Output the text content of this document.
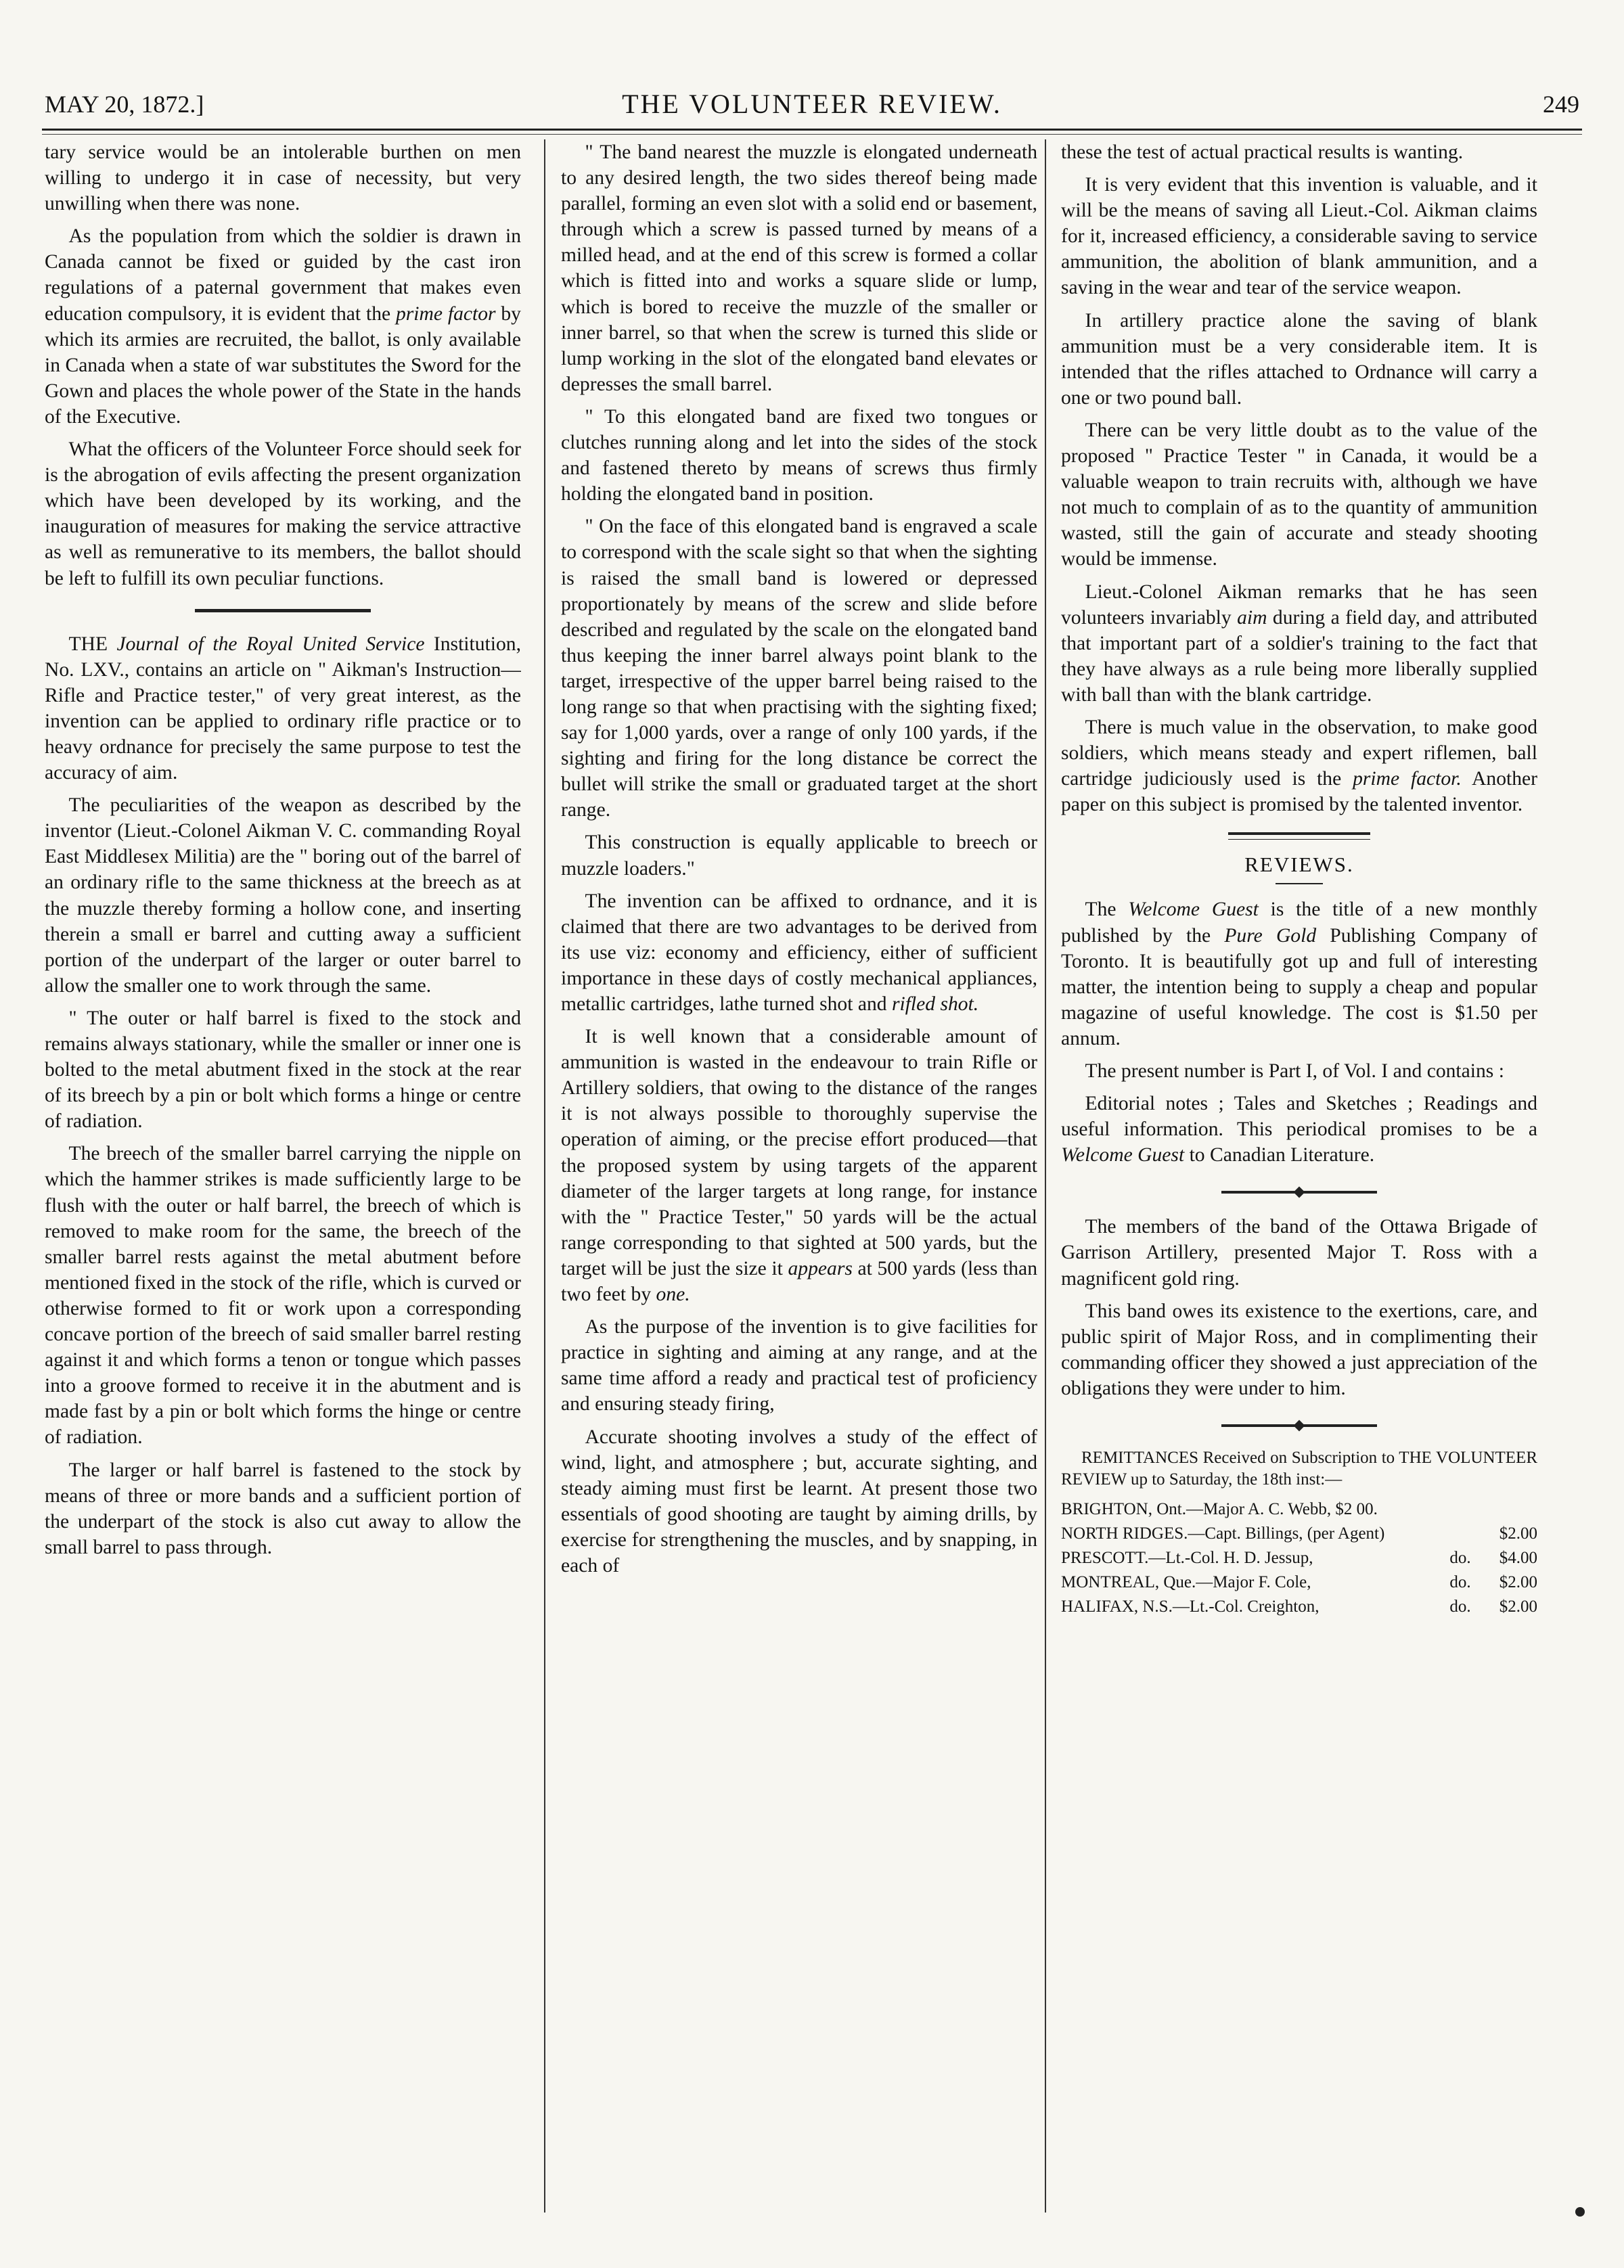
MAY 20, 1872.]	THE VOLUNTEER REVIEW.	249

tary service would be an intolerable burthen on men willing to undergo it in case of necessity, but very unwilling when there was none.

As the population from which the soldier is drawn in Canada cannot be fixed or guided by the cast iron regulations of a paternal government that makes even education compulsory, it is evident that the prime factor by which its armies are recruited, the ballot, is only available in Canada when a state of war substitutes the Sword for the Gown and places the whole power of the State in the hands of the Executive.

What the officers of the Volunteer Force should seek for is the abrogation of evils affecting the present organization which have been developed by its working, and the inauguration of measures for making the service attractive as well as remunerative to its members, the ballot should be left to fulfill its own peculiar functions.

THE Journal of the Royal United Service Institution, No. LXV., contains an article on " Aikman's Instruction—Rifle and Practice tester," of very great interest, as the invention can be applied to ordinary rifle practice or to heavy ordnance for precisely the same purpose to test the accuracy of aim.

The peculiarities of the weapon as described by the inventor (Lieut.-Colonel Aikman V. C. commanding Royal East Middlesex Militia) are the " boring out of the barrel of an ordinary rifle to the same thickness at the breech as at the muzzle thereby forming a hollow cone, and inserting therein a small er barrel and cutting away a sufficient portion of the underpart of the larger or outer barrel to allow the smaller one to work through the same.

" The outer or half barrel is fixed to the stock and remains always stationary, while the smaller or inner one is bolted to the metal abutment fixed in the stock at the rear of its breech by a pin or bolt which forms a hinge or centre of radiation.

The breech of the smaller barrel carrying the nipple on which the hammer strikes is made sufficiently large to be flush with the outer or half barrel, the breech of which is removed to make room for the same, the breech of the smaller barrel rests against the metal abutment before mentioned fixed in the stock of the rifle, which is curved or otherwise formed to fit or work upon a corresponding concave portion of the breech of said smaller barrel resting against it and which forms a tenon or tongue which passes into a groove formed to receive it in the abutment and is made fast by a pin or bolt which forms the hinge or centre of radiation.

The larger or half barrel is fastened to the stock by means of three or more bands and a sufficient portion of the underpart of the stock is also cut away to allow the small barrel to pass through.

" The band nearest the muzzle is elongated underneath to any desired length, the two sides thereof being made parallel, forming an even slot with a solid end or basement, through which a screw is passed turned by means of a milled head, and at the end of this screw is formed a collar which is fitted into and works a square slide or lump, which is bored to receive the muzzle of the smaller or inner barrel, so that when the screw is turned this slide or lump working in the slot of the elongated band elevates or depresses the small barrel.

" To this elongated band are fixed two tongues or clutches running along and let into the sides of the stock and fastened thereto by means of screws thus firmly holding the elongated band in position.

" On the face of this elongated band is engraved a scale to correspond with the scale sight so that when the sighting is raised the small band is lowered or depressed proportionately by means of the screw and slide before described and regulated by the scale on the elongated band thus keeping the inner barrel always point blank to the target, irrespective of the upper barrel being raised to the long range so that when practising with the sighting fixed; say for 1,000 yards, over a range of only 100 yards, if the sighting and firing for the long distance be correct the bullet will strike the small or graduated target at the short range.

This construction is equally applicable to breech or muzzle loaders."

The invention can be affixed to ordnance, and it is claimed that there are two advantages to be derived from its use viz: economy and efficiency, either of sufficient importance in these days of costly mechanical appliances, metallic cartridges, lathe turned shot and rifled shot.

It is well known that a considerable amount of ammunition is wasted in the endeavour to train Rifle or Artillery soldiers, that owing to the distance of the ranges it is not always possible to thoroughly supervise the operation of aiming, or the precise effort produced—that the proposed system by using targets of the apparent diameter of the larger targets at long range, for instance with the " Practice Tester," 50 yards will be the actual range corresponding to that sighted at 500 yards, but the target will be just the size it appears at 500 yards (less than two feet by one.

As the purpose of the invention is to give facilities for practice in sighting and aiming at any range, and at the same time afford a ready and practical test of proficiency and ensuring steady firing,

Accurate shooting involves a study of the effect of wind, light, and atmosphere ; but, accurate sighting, and steady aiming must first be learnt. At present those two essentials of good shooting are taught by aiming drills, by exercise for strengthening the muscles, and by snapping, in each of

these the test of actual practical results is wanting.

It is very evident that this invention is valuable, and it will be the means of saving all Lieut.-Col. Aikman claims for it, increased efficiency, a considerable saving to service ammunition, the abolition of blank ammunition, and a saving in the wear and tear of the service weapon.

In artillery practice alone the saving of blank ammunition must be a very considerable item. It is intended that the rifles attached to Ordnance will carry a one or two pound ball.

There can be very little doubt as to the value of the proposed " Practice Tester " in Canada, it would be a valuable weapon to train recruits with, although we have not much to complain of as to the quantity of ammunition wasted, still the gain of accurate and steady shooting would be immense.

Lieut.-Colonel Aikman remarks that he has seen volunteers invariably aim during a field day, and attributed that important part of a soldier's training to the fact that they have always as a rule being more liberally supplied with ball than with the blank cartridge.

There is much value in the observation, to make good soldiers, which means steady and expert riflemen, ball cartridge judiciously used is the prime factor. Another paper on this subject is promised by the talented inventor.

REVIEWS.

The Welcome Guest is the title of a new monthly published by the Pure Gold Publishing Company of Toronto. It is beautifully got up and full of interesting matter, the intention being to supply a cheap and popular magazine of useful knowledge. The cost is $1.50 per annum.

The present number is Part I, of Vol. I and contains :

Editorial notes ; Tales and Sketches ; Readings and useful information. This periodical promises to be a Welcome Guest to Canadian Literature.

The members of the band of the Ottawa Brigade of Garrison Artillery, presented Major T. Ross with a magnificent gold ring.

This band owes its existence to the exertions, care, and public spirit of Major Ross, and in complimenting their commanding officer they showed a just appreciation of the obligations they were under to him.

REMITTANCES Received on Subscription to THE VOLUNTEER REVIEW up to Saturday, the 18th inst:—

BRIGHTON, Ont.—Major A. C. Webb, $2 00.
NORTH RIDGES.—Capt. Billings, (per Agent)	$2.00
PRESCOTT.—Lt.-Col. H. D. Jessup,	do.	$4.00
MONTREAL, Que.—Major F. Cole,	do.	$2.00
HALIFAX, N.S.—Lt.-Col. Creighton,	do.	$2.00
